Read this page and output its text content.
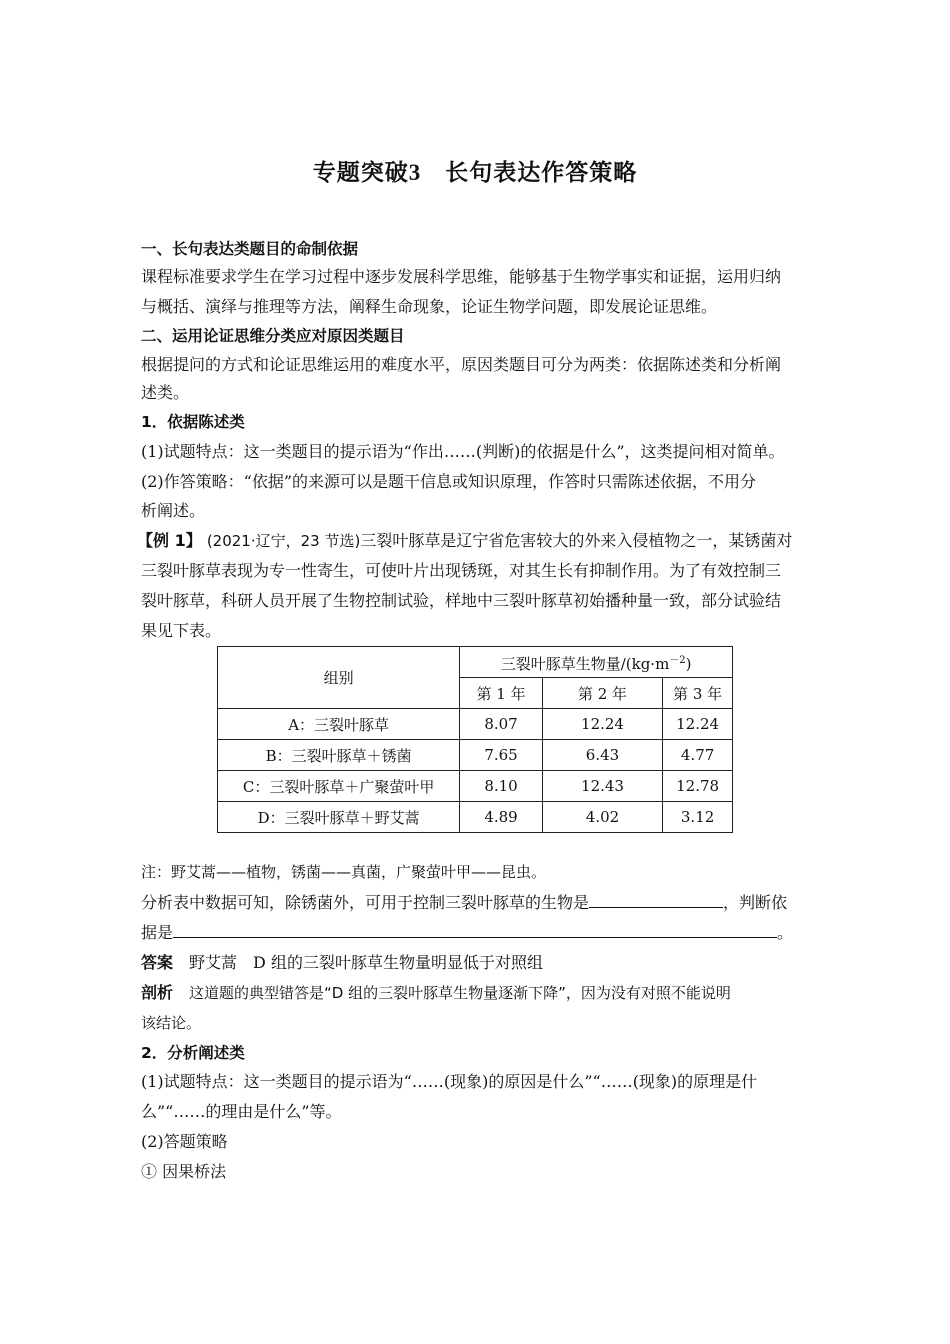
专题突破3　 长句表达作答策略
一、长句表达类题目的命制依据
课程标准要求学生在学习过程中逐步发展科学思维，能够基于生物学事实和证据，运用归纳
与概括、演绎与推理等方法，阐释生命现象，论证生物学问题，即发展论证思维。
二、运用论证思维分类应对原因类题目
根据提问的方式和论证思维运用的难度水平，原因类题目可分为两类：依据陈述类和分析阐
述类。
1．依据陈述类
(1)试题特点：这一类题目的提示语为“作出……(判断)的依据是什么”，这类提问相对简单。
(2)作答策略：“依据”的来源可以是题干信息或知识原理，作答时只需陈述依据，不用分
析阐述。
【例 1】 (2021·辽宁，23 节选)三裂叶豚草是辽宁省危害较大的外来入侵植物之一，某锈菌对
三裂叶豚草表现为专一性寄生，可使叶片出现锈斑，对其生长有抑制作用。为了有效控制三
裂叶豚草，科研人员开展了生物控制试验，样地中三裂叶豚草初始播种量一致，部分试验结
果见下表。
组别	三裂叶豚草生物量$/(kg\cdot m^{-2})$		
	第 1 年	第 2 年	第 3 年
A：三裂叶豚草	8.07	12.24	12.24
B：三裂叶豚草＋锈菌	7.65	6.43	4.77
C：三裂叶豚草＋广聚萤叶甲	8.10	12.43	12.78
D：三裂叶豚草＋野艾蒿	4.89	4.02	3.12
注：野艾蒿——植物，锈菌——真菌，广聚萤叶甲——昆虫。
分析表中数据可知，除锈菌外，可用于控制三裂叶豚草的生物是	，判断依
据是	。
答案　 野艾蒿　D 组的三裂叶豚草生物量明显低于对照组
剖析　 这道题的典型错答是“D 组的三裂叶豚草生物量逐渐下降”，因为没有对照不能说明
该结论。
2．分析阐述类
(1)试题特点：这一类题目的提示语为“……(现象)的原因是什么”“……(现象)的原理是什
么”“……的理由是什么”等。
(2)答题策略
① 因果桥法
